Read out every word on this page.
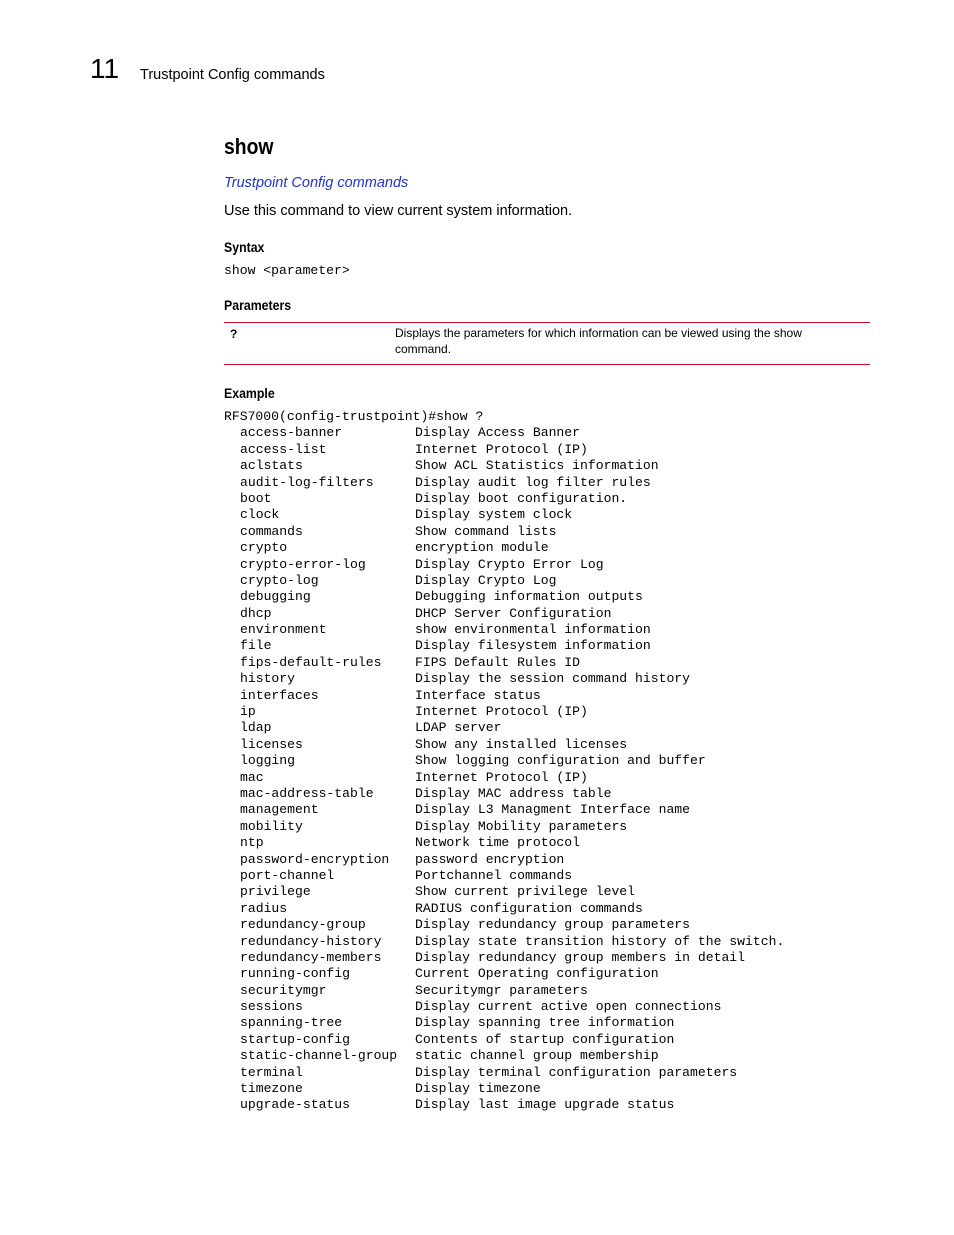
11 Trustpoint Config commands
show
Trustpoint Config commands
Use this command to view current system information.
Syntax
show <parameter>
Parameters
?	Displays the parameters for which information can be viewed using the show command.
Example
RFS7000(config-trustpoint)#show ?
access-banner	Display Access Banner
access-list	Internet Protocol (IP)
aclstats	Show ACL Statistics information
audit-log-filters	Display audit log filter rules
boot	Display boot configuration.
clock	Display system clock
commands	Show command lists
crypto	encryption module
crypto-error-log	Display Crypto Error Log
crypto-log	Display Crypto Log
debugging	Debugging information outputs
dhcp	DHCP Server Configuration
environment	show environmental information
file	Display filesystem information
fips-default-rules	FIPS Default Rules ID
history	Display the session command history
interfaces	Interface status
ip	Internet Protocol (IP)
ldap	LDAP server
licenses	Show any installed licenses
logging	Show logging configuration and buffer
mac	Internet Protocol (IP)
mac-address-table	Display MAC address table
management	Display L3 Managment Interface name
mobility	Display Mobility parameters
ntp	Network time protocol
password-encryption password encryption
port-channel	Portchannel commands
privilege	Show current privilege level
radius	RADIUS configuration commands
redundancy-group	Display redundancy group parameters
redundancy-history	Display state transition history of the switch.
redundancy-members	Display redundancy group members in detail
running-config	Current Operating configuration
securitymgr	Securitymgr parameters
sessions	Display current active open connections
spanning-tree	Display spanning tree information
startup-config	Contents of startup configuration
static-channel-group static channel group membership
terminal	Display terminal configuration parameters
timezone	Display timezone
upgrade-status	Display last image upgrade status
